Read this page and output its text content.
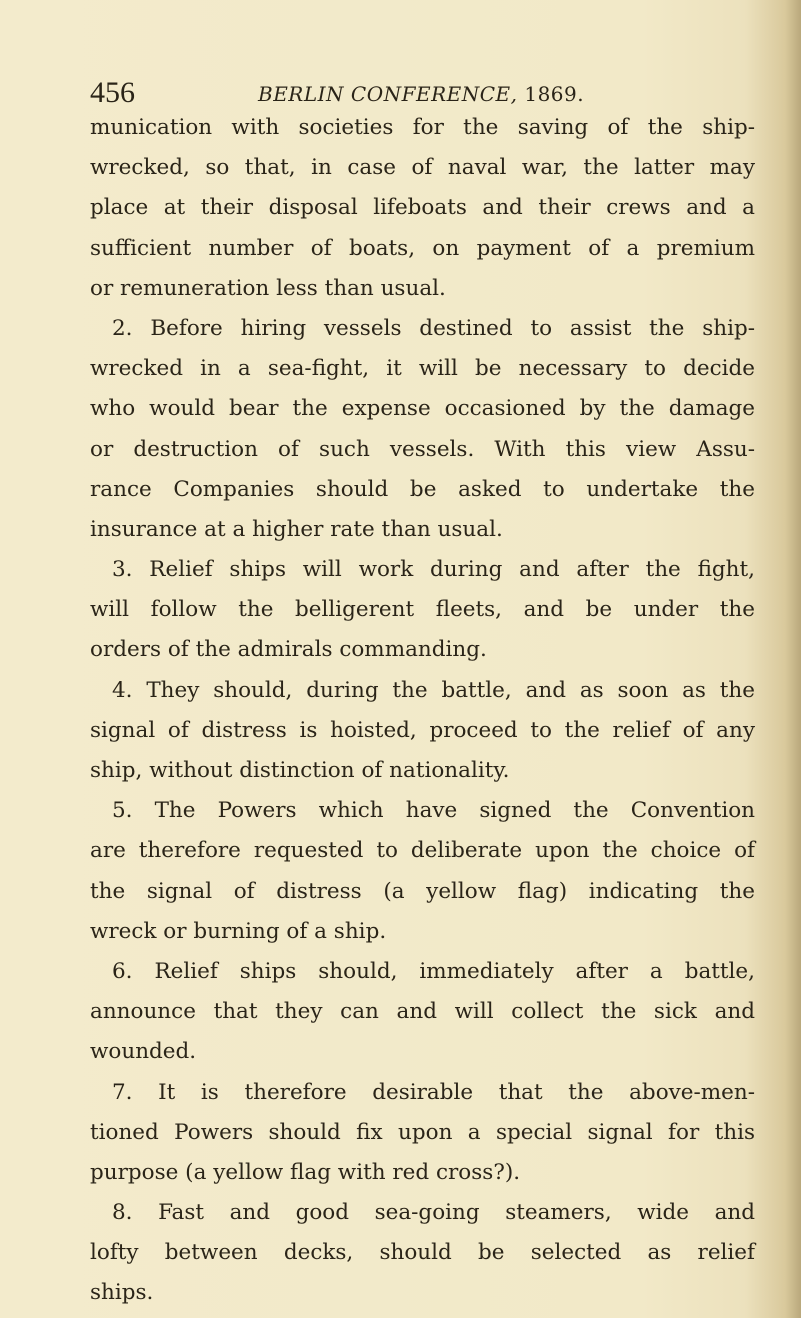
456	BERLIN CONFERENCE, 1869.
munication with societies for the saving of the ship-
wrecked, so that, in case of naval war, the latter may
place at their disposal lifeboats and their crews and a
sufficient number of boats, on payment of a premium
or remuneration less than usual.
2. Before hiring vessels destined to assist the ship-
wrecked in a sea-fight, it will be necessary to decide
who would bear the expense occasioned by the damage
or destruction of such vessels. With this view Assu-
rance Companies should be asked to undertake the
insurance at a higher rate than usual.
3. Relief ships will work during and after the fight,
will follow the belligerent fleets, and be under the
orders of the admirals commanding.
4. They should, during the battle, and as soon as the
signal of distress is hoisted, proceed to the relief of any
ship, without distinction of nationality.
5. The Powers which have signed the Convention
are therefore requested to deliberate upon the choice of
the signal of distress (a yellow flag) indicating the
wreck or burning of a ship.
6. Relief ships should, immediately after a battle,
announce that they can and will collect the sick and
wounded.
7. It is therefore desirable that the above-men-
tioned Powers should fix upon a special signal for this
purpose (a yellow flag with red cross?).
8. Fast and good sea-going steamers, wide and
lofty between decks, should be selected as relief
ships.
